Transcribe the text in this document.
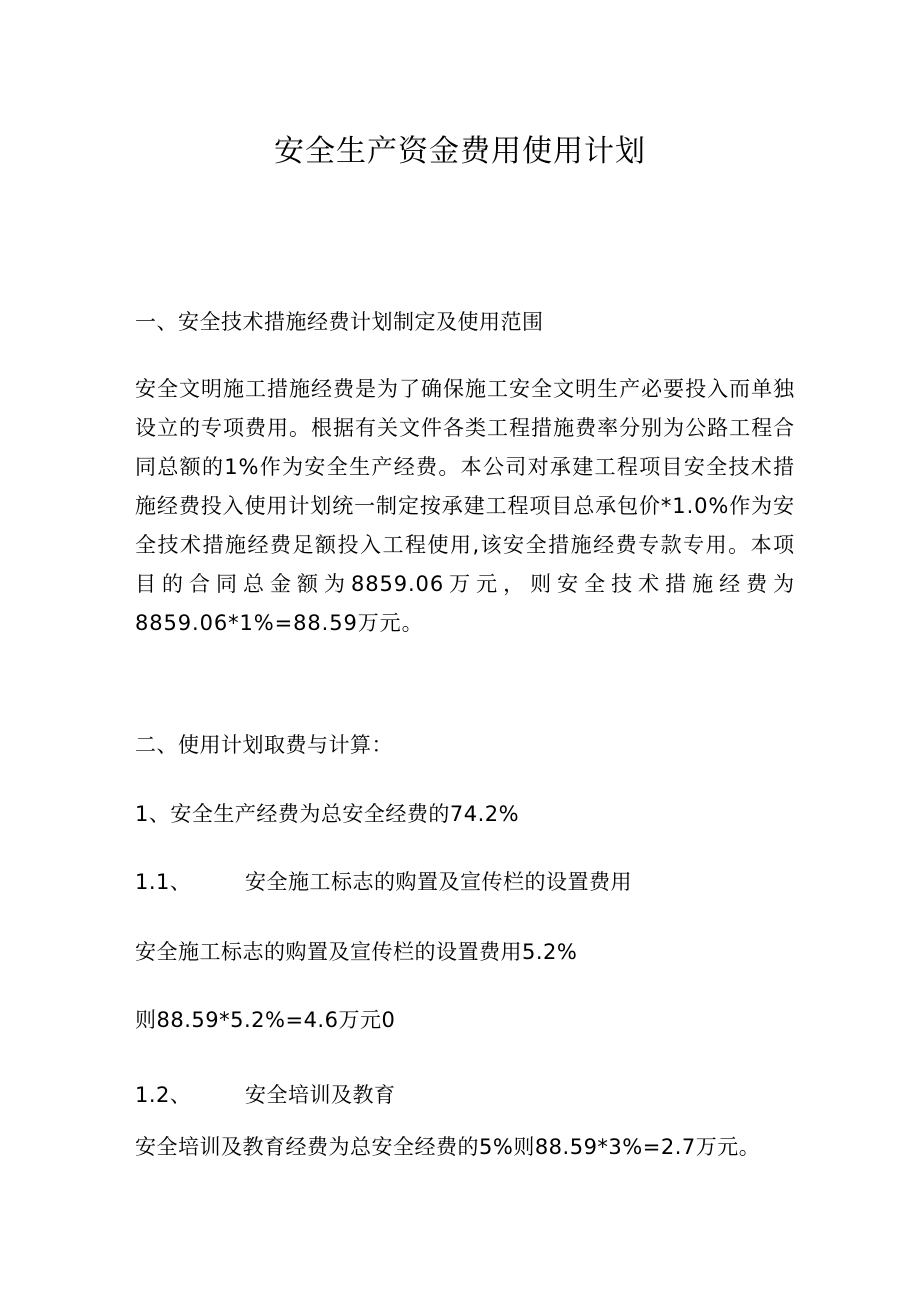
安全生产资金费用使用计划
一、安全技术措施经费计划制定及使用范围
安全文明施工措施经费是为了确保施工安全文明生产必要投入而单独设立的专项费用。根据有关文件各类工程措施费率分别为公路工程合同总额的1%作为安全生产经费。本公司对承建工程项目安全技术措施经费投入使用计划统一制定按承建工程项目总承包价*1.0%作为安全技术措施经费足额投入工程使用,该安全措施经费专款专用。本项目的合同总金额为8859.06万元，则安全技术措施经费为8859.06*1%=88.59万元。
二、使用计划取费与计算：
1、安全生产经费为总安全经费的74.2%
1.1、	安全施工标志的购置及宣传栏的设置费用
安全施工标志的购置及宣传栏的设置费用5.2%
则88.59*5.2%=4.6万元0
1.2、	安全培训及教育
安全培训及教育经费为总安全经费的5%则88.59*3%=2.7万元。
